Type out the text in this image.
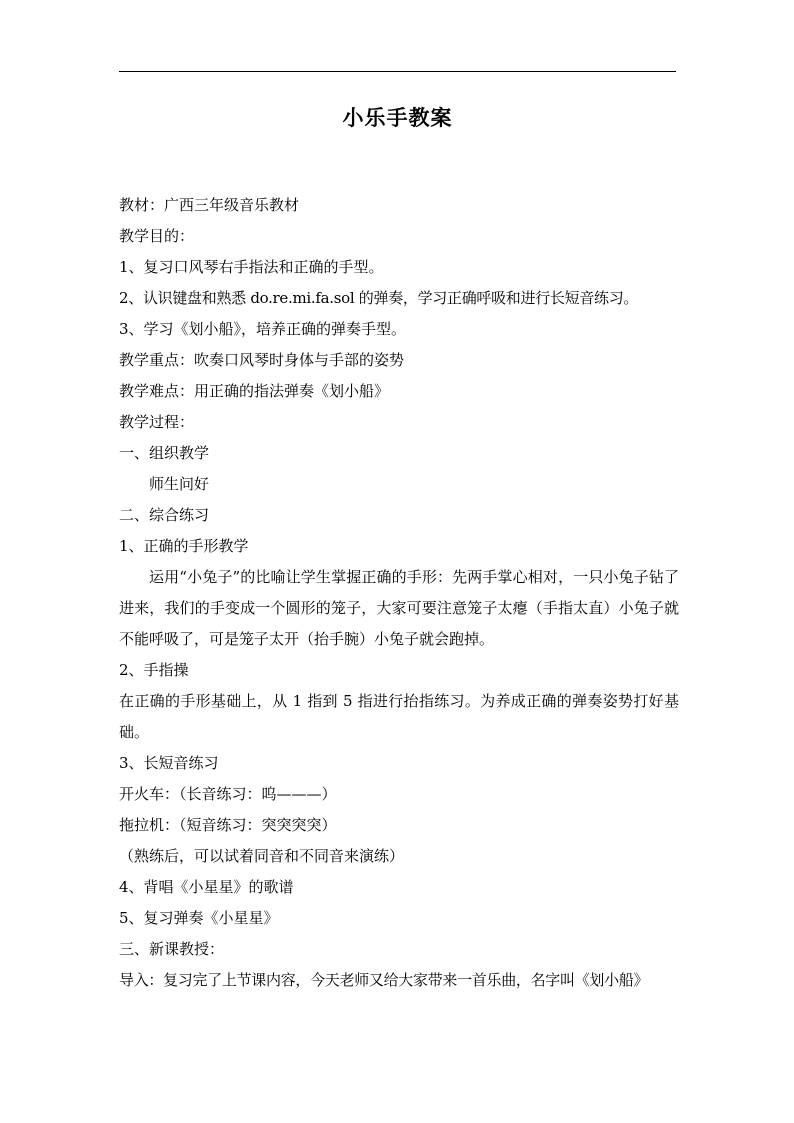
小乐手教案

教材：广西三年级音乐教材

教学目的：

1、复习口风琴右手指法和正确的手型。

2、认识键盘和熟悉 do.re.mi.fa.sol 的弹奏，学习正确呼吸和进行长短音练习。

3、学习《划小船》，培养正确的弹奏手型。

教学重点：吹奏口风琴时身体与手部的姿势

教学难点：用正确的指法弹奏《划小船》

教学过程：

一、组织教学

师生问好

二、综合练习

1、正确的手形教学

运用“小兔子”的比喻让学生掌握正确的手形：先两手掌心相对，一只小兔子钻了进来，我们的手变成一个圆形的笼子，大家可要注意笼子太瘪（手指太直）小兔子就不能呼吸了，可是笼子太开（抬手腕）小兔子就会跑掉。

2、手指操

在正确的手形基础上，从 1 指到 5 指进行抬指练习。为养成正确的弹奏姿势打好基础。

3、长短音练习

开火车：（长音练习：呜———）

拖拉机：（短音练习：突突突突）

（熟练后，可以试着同音和不同音来演练）

4、背唱《小星星》的歌谱

5、复习弹奏《小星星》

三、新课教授：

导入：复习完了上节课内容，今天老师又给大家带来一首乐曲，名字叫《划小船》
